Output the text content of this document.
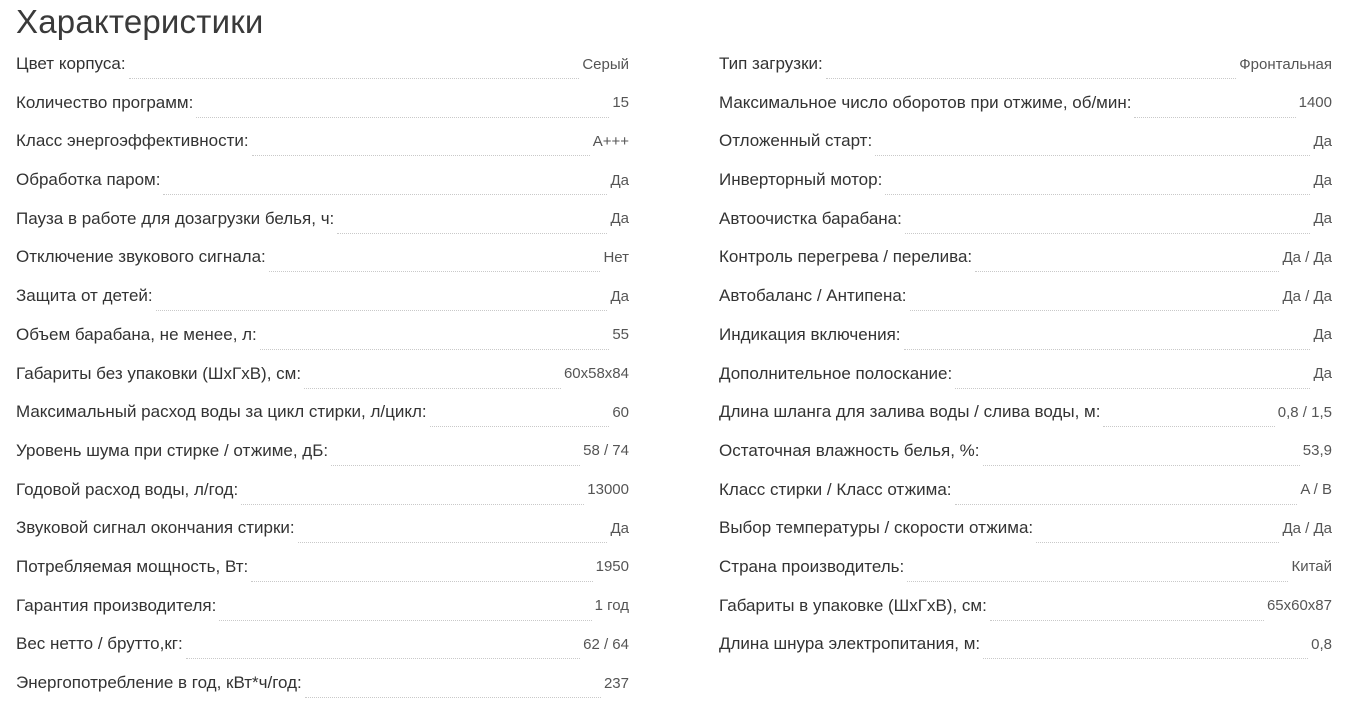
Характеристики
Цвет корпуса:	Серый
Количество программ:	15
Класс энергоэффективности:	A+++
Обработка паром:	Да
Пауза в работе для дозагрузки белья, ч:	Да
Отключение звукового сигнала:	Нет
Защита от детей:	Да
Объем барабана, не менее, л:	55
Габариты без упаковки (ШхГхВ), см:	60х58х84
Максимальный расход воды за цикл стирки, л/цикл:	60
Уровень шума при стирке / отжиме, дБ:	58 / 74
Годовой расход воды, л/год:	13000
Звуковой сигнал окончания стирки:	Да
Потребляемая мощность, Вт:	1950
Гарантия производителя:	1 год
Вес нетто / брутто,кг:	62 / 64
Энергопотребление в год, кВт*ч/год:	237
Тип загрузки:	Фронтальная
Максимальное число оборотов при отжиме, об/мин:	1400
Отложенный старт:	Да
Инверторный мотор:	Да
Автоочистка барабана:	Да
Контроль перегрева / перелива:	Да / Да
Автобаланс / Антипена:	Да / Да
Индикация включения:	Да
Дополнительное полоскание:	Да
Длина шланга для залива воды / слива воды, м:	0,8 / 1,5
Остаточная влажность белья, %:	53,9
Класс стирки / Класс отжима:	A / B
Выбор температуры / скорости отжима:	Да / Да
Страна производитель:	Китай
Габариты в упаковке (ШхГхВ), см:	65х60х87
Длина шнура электропитания, м:	0,8
